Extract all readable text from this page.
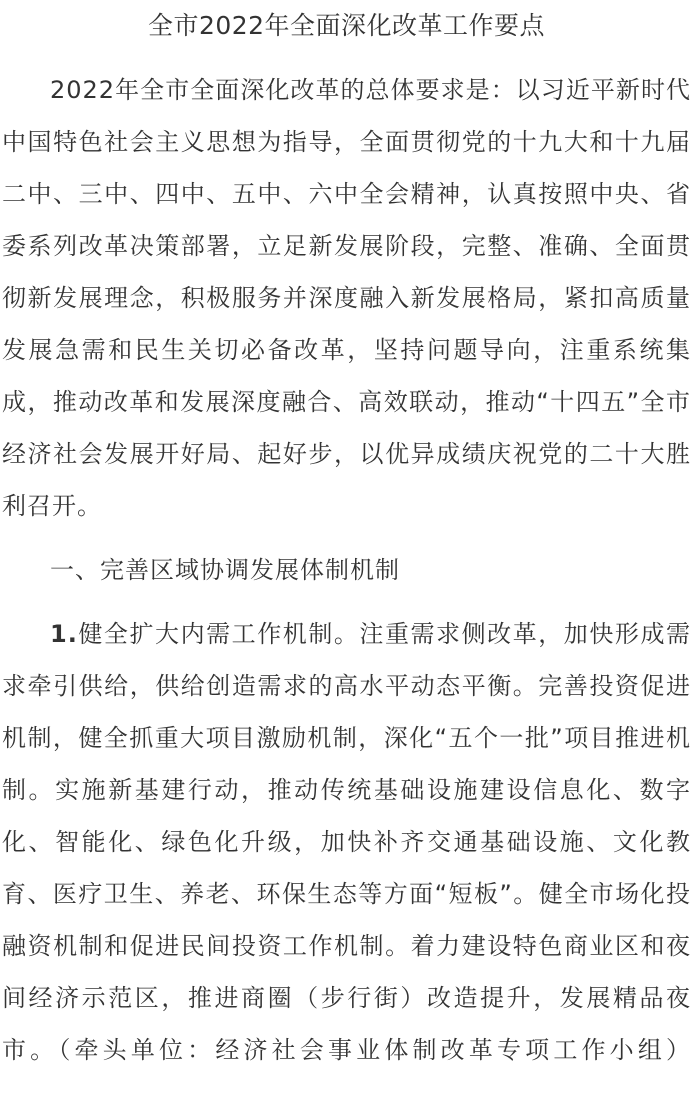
全市2022年全面深化改革工作要点

2022年全市全面深化改革的总体要求是：以习近平新时代中国特色社会主义思想为指导，全面贯彻党的十九大和十九届二中、三中、四中、五中、六中全会精神，认真按照中央、省委系列改革决策部署，立足新发展阶段，完整、准确、全面贯彻新发展理念，积极服务并深度融入新发展格局，紧扣高质量发展急需和民生关切必备改革，坚持问题导向，注重系统集成，推动改革和发展深度融合、高效联动，推动“十四五”全市经济社会发展开好局、起好步，以优异成绩庆祝党的二十大胜利召开。

一、完善区域协调发展体制机制

1.健全扩大内需工作机制。注重需求侧改革，加快形成需求牵引供给，供给创造需求的高水平动态平衡。完善投资促进机制，健全抓重大项目激励机制，深化“五个一批”项目推进机制。实施新基建行动，推动传统基础设施建设信息化、数字化、智能化、绿色化升级，加快补齐交通基础设施、文化教育、医疗卫生、养老、环保生态等方面“短板”。健全市场化投融资机制和促进民间投资工作机制。着力建设特色商业区和夜间经济示范区，推进商圈（步行街）改造提升，发展精品夜市。（牵头单位：经济社会事业体制改革专项工作小组）
